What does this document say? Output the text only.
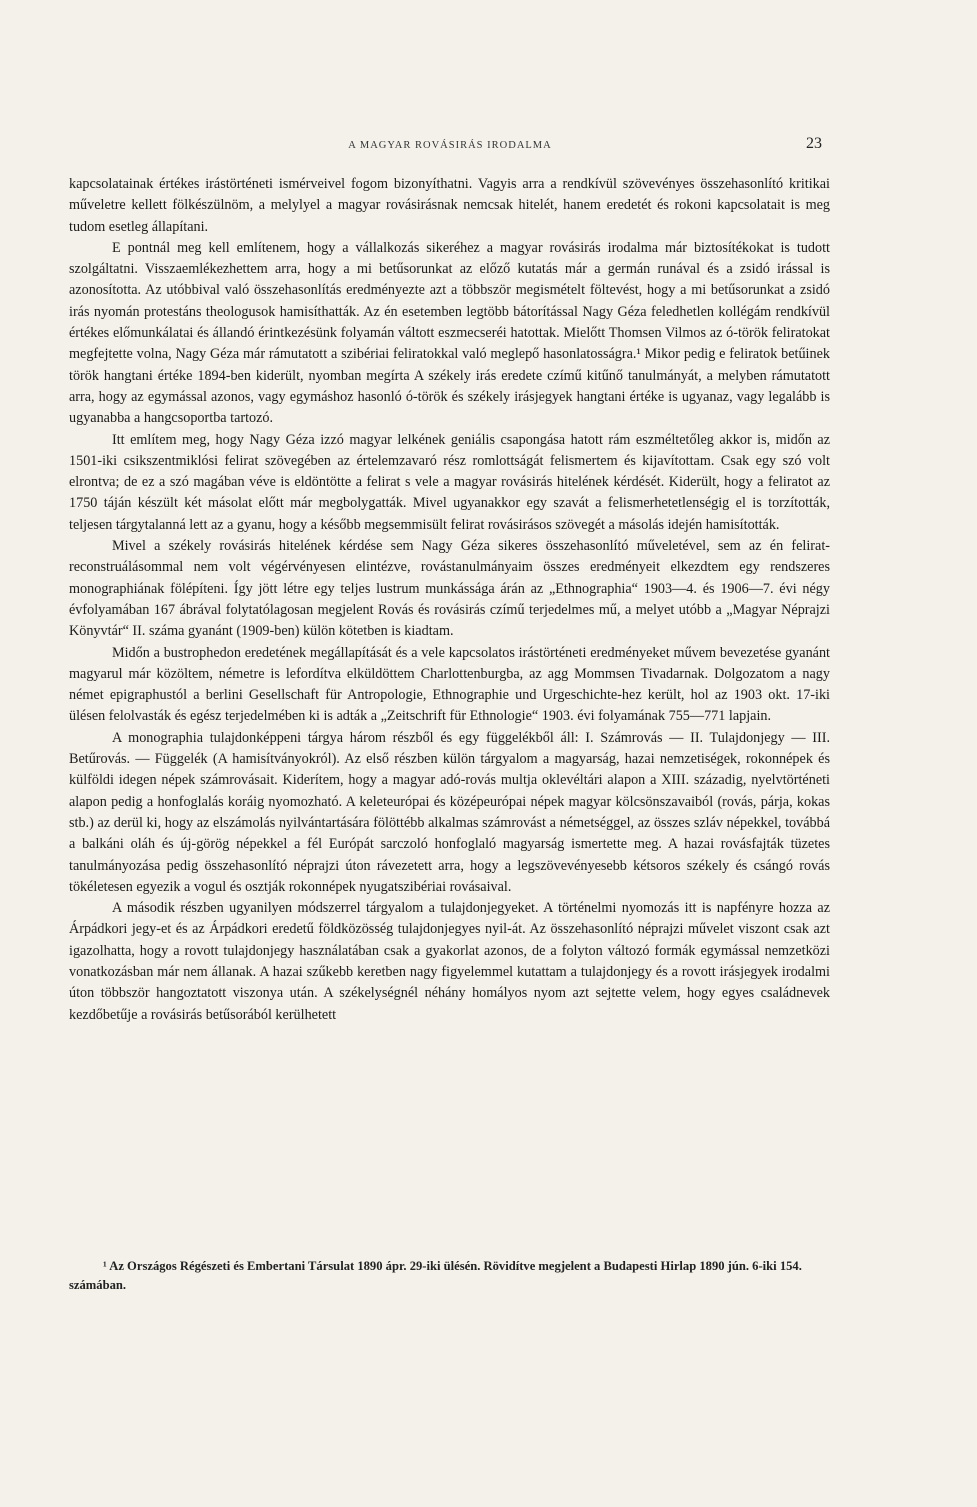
A MAGYAR ROVÁSIRÁS IRODALMA	23

kapcsolatainak értékes irástörténeti ismérveivel fogom bizonyíthatni. Vagyis arra a rendkívül szövevényes összehasonlító kritikai műveletre kellett fölkészülnöm, a melylyel a magyar rovásirásnak nemcsak hitelét, hanem eredetét és rokoni kapcsolatait is meg tudom esetleg állapítani.

E pontnál meg kell említenem, hogy a vállalkozás sikeréhez a magyar rovásirás irodalma már biztosítékokat is tudott szolgáltatni. Visszaemlékezhettem arra, hogy a mi betűsorunkat az előző kutatás már a germán runával és a zsidó irással is azonosította. Az utóbbival való összehasonlítás eredményezte azt a többször megismételt föltevést, hogy a mi betűsorunkat a zsidó irás nyomán protestáns theologusok hamisíthatták. Az én esetemben legtöbb bátorítással Nagy Géza feledhetlen kollégám rendkívül értékes előmunkálatai és állandó érintkezésünk folyamán váltott eszmecseréi hatottak. Mielőtt Thomsen Vilmos az ó-török feliratokat megfejtette volna, Nagy Géza már rámutatott a szibériai feliratokkal való meglepő hasonlatosságra.¹ Mikor pedig e feliratok betűinek török hangtani értéke 1894-ben kiderült, nyomban megírta A székely irás eredete czímű kitűnő tanulmányát, a melyben rámutatott arra, hogy az egymással azonos, vagy egymáshoz hasonló ó-török és székely irásjegyek hangtani értéke is ugyanaz, vagy legalább is ugyanabba a hangcsoportba tartozó.

Itt említem meg, hogy Nagy Géza izzó magyar lelkének geniális csapongása hatott rám eszméltetőleg akkor is, midőn az 1501-iki csikszentmiklósi felirat szövegében az értelemzavaró rész romlottságát felismertem és kijavítottam. Csak egy szó volt elrontva; de ez a szó magában véve is eldöntötte a felirat s vele a magyar rovásirás hitelének kérdését. Kiderült, hogy a feliratot az 1750 táján készült két másolat előtt már megbolygatták. Mivel ugyanakkor egy szavát a felismerhetetlenségig el is torzították, teljesen tárgytalanná lett az a gyanu, hogy a később megsemmisült felirat rovásirásos szövegét a másolás idején hamisították.

Mivel a székely rovásirás hitelének kérdése sem Nagy Géza sikeres összehasonlító műveletével, sem az én felirat-reconstruálásommal nem volt végérvényesen elintézve, rovástanulmányaim összes eredményeit elkezdtem egy rendszeres monographiának fölépíteni. Így jött létre egy teljes lustrum munkássága árán az „Ethnographia“ 1903—4. és 1906—7. évi négy évfolyamában 167 ábrával folytatólagosan megjelent Rovás és rovásirás czímű terjedelmes mű, a melyet utóbb a „Magyar Néprajzi Könyvtár“ II. száma gyanánt (1909-ben) külön kötetben is kiadtam.

Midőn a bustrophedon eredetének megállapítását és a vele kapcsolatos irástörténeti eredményeket művem bevezetése gyanánt magyarul már közöltem, németre is lefordítva elküldöttem Charlottenburgba, az agg Mommsen Tivadarnak. Dolgozatom a nagy német epigraphustól a berlini Gesellschaft für Antropologie, Ethnographie und Urgeschichte-hez került, hol az 1903 okt. 17-iki ülésen felolvasták és egész terjedelmében ki is adták a „Zeitschrift für Ethnologie“ 1903. évi folyamának 755—771 lapjain.

A monographia tulajdonképpeni tárgya három részből és egy függelékből áll: I. Számrovás — II. Tulajdonjegy — III. Betűrovás. — Függelék (A hamisítványokról). Az első részben külön tárgyalom a magyarság, hazai nemzetiségek, rokonnépek és külföldi idegen népek számrovásait. Kiderítem, hogy a magyar adó-rovás multja oklevéltári alapon a XIII. századig, nyelvtörténeti alapon pedig a honfoglalás koráig nyomozható. A keleteurópai és középeurópai népek magyar kölcsönszavaiból (rovás, párja, kokas stb.) az derül ki, hogy az elszámolás nyilvántartására fölöttébb alkalmas számrovást a németséggel, az összes szláv népekkel, továbbá a balkáni oláh és új-görög népekkel a fél Európát sarczoló honfoglaló magyarság ismertette meg. A hazai rovásfajták tüzetes tanulmányozása pedig összehasonlító néprajzi úton rávezetett arra, hogy a legszövevényesebb kétsoros székely és csángó rovás tökéletesen egyezik a vogul és osztják rokonnépek nyugatszibériai rovásaival.

A második részben ugyanilyen módszerrel tárgyalom a tulajdonjegyeket. A történelmi nyomozás itt is napfényre hozza az Árpádkori jegy-et és az Árpádkori eredetű földközösség tulajdonjegyes nyil-át. Az összehasonlító néprajzi művelet viszont csak azt igazolhatta, hogy a rovott tulajdonjegy használatában csak a gyakorlat azonos, de a folyton változó formák egymással nemzetközi vonatkozásban már nem állanak. A hazai szűkebb keretben nagy figyelemmel kutattam a tulajdonjegy és a rovott irásjegyek irodalmi úton többször hangoztatott viszonya után. A székelységnél néhány homályos nyom azt sejtette velem, hogy egyes családnevek kezdőbetűje a rovásirás betűsorából kerülhetett

¹ Az Országos Régészeti és Embertani Társulat 1890 ápr. 29-iki ülésén. Rövidítve megjelent a Budapesti Hirlap 1890 jún. 6-iki 154. számában.
